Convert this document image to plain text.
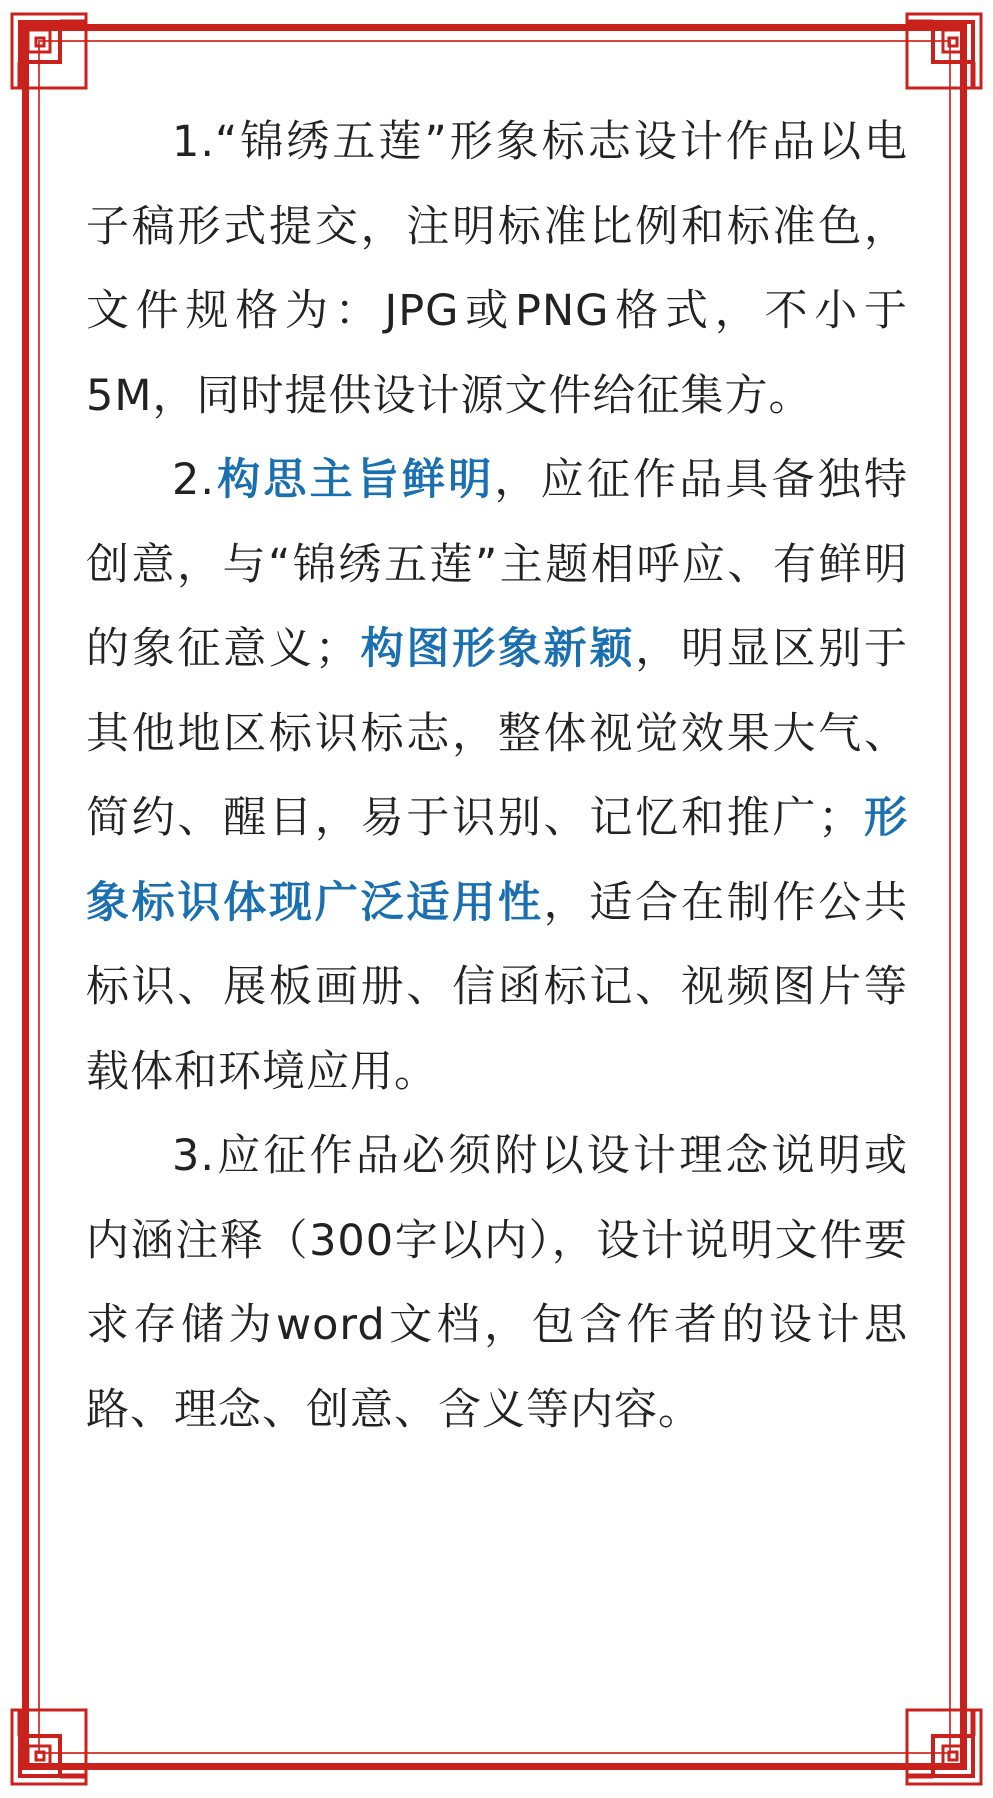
1.“锦绣五莲”形象标志设计作品以电子稿形式提交，注明标准比例和标准色，文件规格为：JPG或PNG格式，不小于5M，同时提供设计源文件给征集方。

2.构思主旨鲜明，应征作品具备独特创意，与“锦绣五莲”主题相呼应、有鲜明的象征意义；构图形象新颖，明显区别于其他地区标识标志，整体视觉效果大气、简约、醒目，易于识别、记忆和推广；形象标识体现广泛适用性，适合在制作公共标识、展板画册、信函标记、视频图片等载体和环境应用。

3.应征作品必须附以设计理念说明或内涵注释（300字以内），设计说明文件要求存储为word文档，包含作者的设计思路、理念、创意、含义等内容。
